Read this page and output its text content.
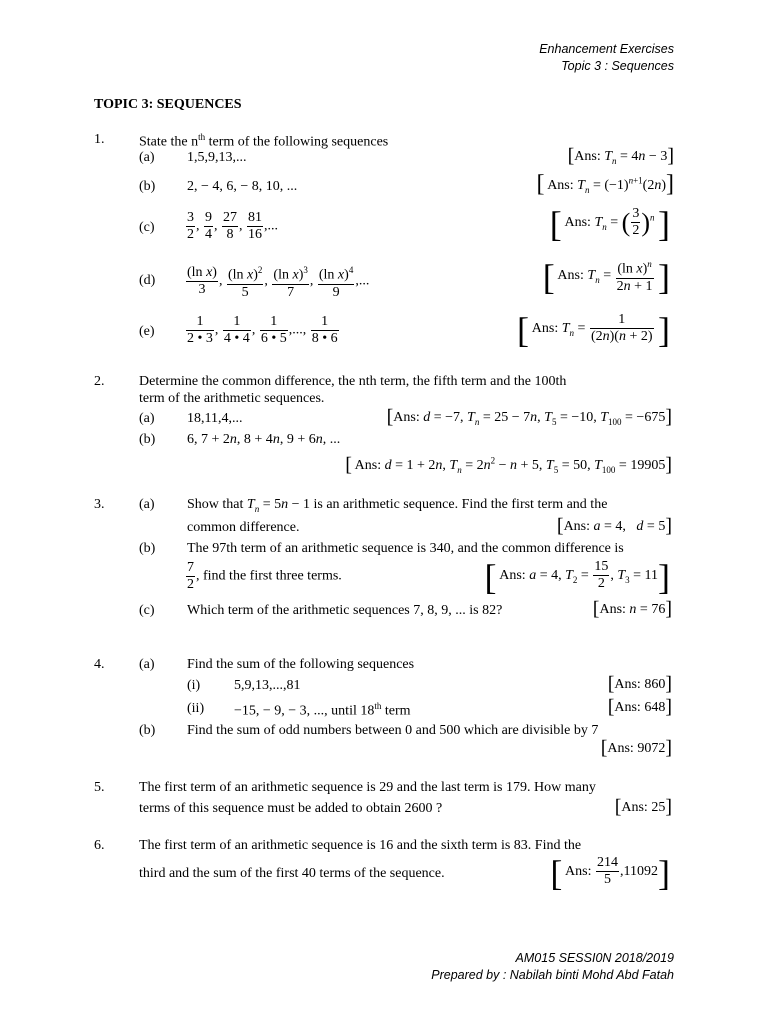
Enhancement Exercises
Topic 3 : Sequences
TOPIC 3: SEQUENCES
1. State the $n^{th}$ term of the following sequences
(a) 1,5,9,13,...	[Ans: $T_n = 4n - 3$]
(b) 2, − 4, 6, − 8, 10, ...	[ Ans: $T_n = (-1)^{n+1}(2n)$]
$(c) \frac{3}{2}$ , $\frac{9}{4}$ , $\frac{27}{8}$ , $\frac{81}{16}$ ,...	[ Ans: $T_n$ = ( $\frac{3}{2} )^n$ ]
$(d) \frac{\text{(ln x)}}{3}$ , $\frac{(\ln x)^2}{5}$ , $\frac{(\ln x)^3}{7}$ , $\frac{(\ln x)^4}{9}$ ,...	[ Ans: $T_n = \frac{(\ln x)^n}{2n + 1}$ ]
$(e) \frac{1}{2 • 3}$ , $\frac{1}{4 • 4}$ , $\frac{1}{6 • 5}$ ,..., $\frac{1}{8 • 6}$	[ Ans: $T_n = \frac{1}{(2n)(n + 2)}$ ]
2. Determine the common difference, the nth term, the fifth term and the 100th
term of the arithmetic sequences.
(a) 18,11,4,...	[Ans: d = −7, $T_n = 25 - 7n$, $T_5 = -10$, $T_{100} = -675$]
(b) 6, 7 + 2n, 8 + 4n, 9 + 6n, ...
[ Ans: d = 1 + 2n, $T_n = 2n^2 - n + 5$, $T_5 = 50$, $T_{100} = 19905$]
3. (a) Show that $T_n = 5n - 1$ is an arithmetic sequence. Find the first term and the
common difference.	[Ans: a = 4,   d = 5]
(b) The 97th term of an arithmetic sequence is 340, and the common difference is
$\frac{7}{2}$ , find the first three terms.	[ Ans: a = 4, $T_2 = \frac{15}{2}$ , $T_3 = 11$]
(c) Which term of the arithmetic sequences 7, 8, 9, ... is 82?	[Ans: n = 76]
4. (a) Find the sum of the following sequences
(i) 5,9,13,...,81	[Ans: 860]
(ii) −15, − 9, − 3, ..., until 18th term	[Ans: 648]
(b) Find the sum of odd numbers between 0 and 500 which are divisible by 7
[Ans: 9072]
5. The first term of an arithmetic sequence is 29 and the last term is 179. How many
terms of this sequence must be added to obtain 2600 ?	[Ans: 25]
6. The first term of an arithmetic sequence is 16 and the sixth term is 83. Find the
third and the sum of the first 40 terms of the sequence.	[ Ans: $\frac{214}{5} ,11092$]
AM015 SESSI0N 2018/2019
Prepared by : Nabilah binti Mohd Abd Fatah
